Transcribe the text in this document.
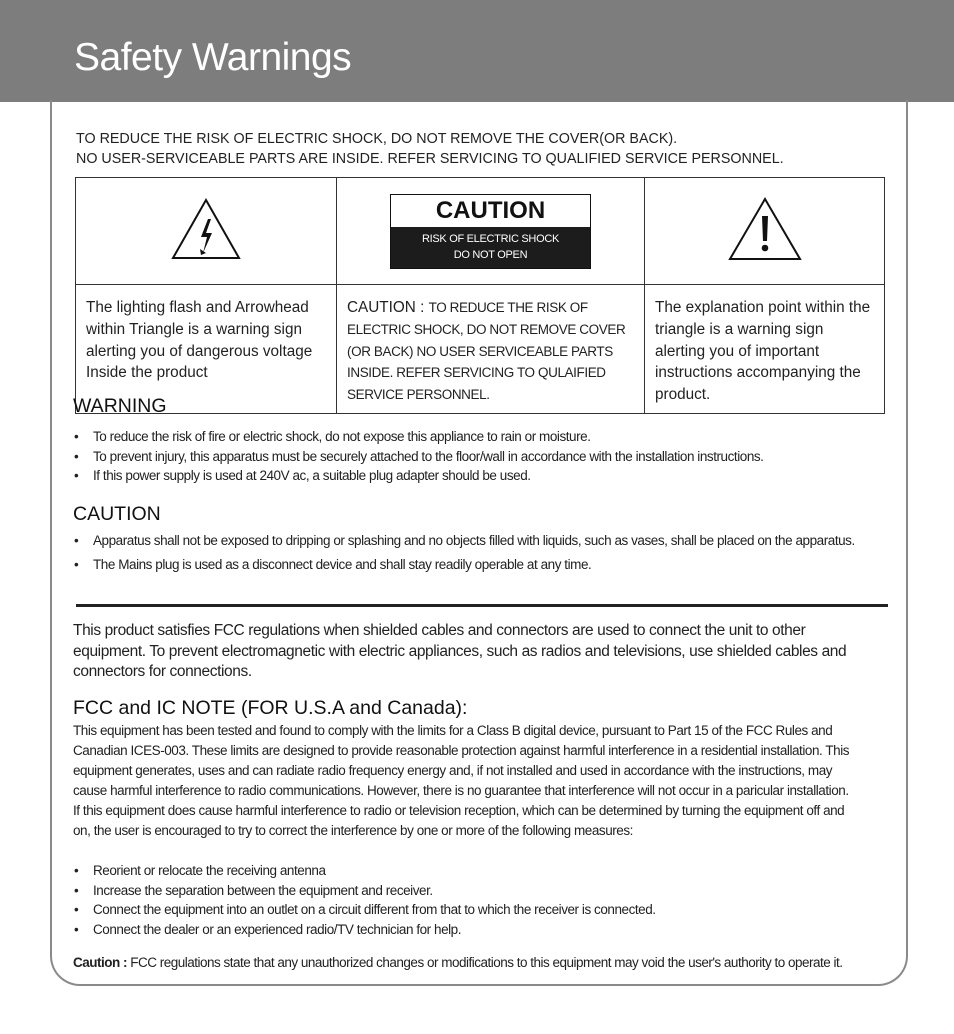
Safety Warnings
TO REDUCE THE RISK OF ELECTRIC SHOCK, DO NOT REMOVE THE COVER(OR BACK).
NO USER-SERVICEABLE PARTS ARE INSIDE. REFER SERVICING TO QUALIFIED SERVICE PERSONNEL.

CAUTION
RISK OF ELECTRIC SHOCK
DO NOT OPEN

The lighting flash and Arrowhead within Triangle is a warning sign alerting you of dangerous voltage Inside the product	CAUTION : TO REDUCE THE RISK OF ELECTRIC SHOCK, DO NOT REMOVE COVER (OR BACK) NO USER SERVICEABLE PARTS INSIDE. REFER SERVICING TO QULAIFIED SERVICE PERSONNEL.	The explanation point within the triangle is a warning sign alerting you of important instructions accompanying the product.
WARNING
• To reduce the risk of fire or electric shock, do not expose this appliance to rain or moisture.
• To prevent injury, this apparatus must be securely attached to the floor/wall in accordance with the installation instructions.
• If this power supply is used at 240V ac, a suitable plug adapter should be used.
CAUTION
• Apparatus shall not be exposed to dripping or splashing and no objects filled with liquids, such as vases, shall be placed on the apparatus.
• The Mains plug is used as a disconnect device and shall stay readily operable at any time.
This product satisfies FCC regulations when shielded cables and connectors are used to connect the unit to other equipment. To prevent electromagnetic with electric appliances, such as radios and televisions, use shielded cables and connectors for connections.
FCC and IC NOTE (FOR U.S.A and Canada):
This equipment has been tested and found to comply with the limits for a Class B digital device, pursuant to Part 15 of the FCC Rules and Canadian ICES-003. These limits are designed to provide reasonable protection against harmful interference in a residential installation. This equipment generates, uses and can radiate radio frequency energy and, if not installed and used in accordance with the instructions, may cause harmful interference to radio communications. However, there is no guarantee that interference will not occur in a paricular installation.
If this equipment does cause harmful interference to radio or television reception, which can be determined by turning the equipment off and on, the user is encouraged to try to correct the interference by one or more of the following measures:
• Reorient or relocate the receiving antenna
• Increase the separation between the equipment and receiver.
• Connect the equipment into an outlet on a circuit different from that to which the receiver is connected.
• Connect the dealer or an experienced radio/TV technician for help.
Caution : FCC regulations state that any unauthorized changes or modifications to this equipment may void the user's authority to operate it.
